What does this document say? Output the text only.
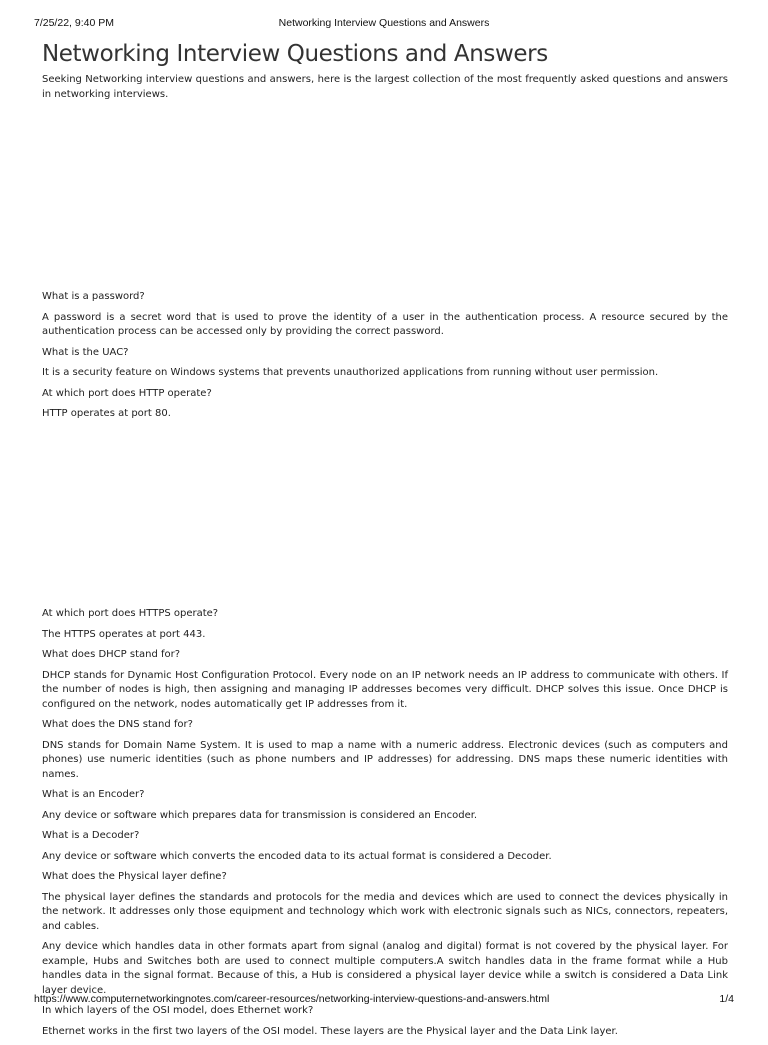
7/25/22, 9:40 PM	Networking Interview Questions and Answers
Networking Interview Questions and Answers

Seeking Networking interview questions and answers, here is the largest collection of the most frequently asked questions and answers in networking interviews.

What is a password?

A password is a secret word that is used to prove the identity of a user in the authentication process. A resource secured by the authentication process can be accessed only by providing the correct password.

What is the UAC?

It is a security feature on Windows systems that prevents unauthorized applications from running without user permission.

At which port does HTTP operate?

HTTP operates at port 80.

At which port does HTTPS operate?

The HTTPS operates at port 443.

What does DHCP stand for?

DHCP stands for Dynamic Host Configuration Protocol. Every node on an IP network needs an IP address to communicate with others. If the number of nodes is high, then assigning and managing IP addresses becomes very difficult. DHCP solves this issue. Once DHCP is configured on the network, nodes automatically get IP addresses from it.

What does the DNS stand for?

DNS stands for Domain Name System. It is used to map a name with a numeric address. Electronic devices (such as computers and phones) use numeric identities (such as phone numbers and IP addresses) for addressing. DNS maps these numeric identities with names.

What is an Encoder?

Any device or software which prepares data for transmission is considered an Encoder.

What is a Decoder?

Any device or software which converts the encoded data to its actual format is considered a Decoder.

What does the Physical layer define?

The physical layer defines the standards and protocols for the media and devices which are used to connect the devices physically in the network. It addresses only those equipment and technology which work with electronic signals such as NICs, connectors, repeaters, and cables.

Any device which handles data in other formats apart from signal (analog and digital) format is not covered by the physical layer. For example, Hubs and Switches both are used to connect multiple computers.A switch handles data in the frame format while a Hub handles data in the signal format. Because of this, a Hub is considered a physical layer device while a switch is considered a Data Link layer device.

In which layers of the OSI model, does Ethernet work?

Ethernet works in the first two layers of the OSI model. These layers are the Physical layer and the Data Link layer.

https://www.computernetworkingnotes.com/career-resources/networking-interview-questions-and-answers.html	1/4
